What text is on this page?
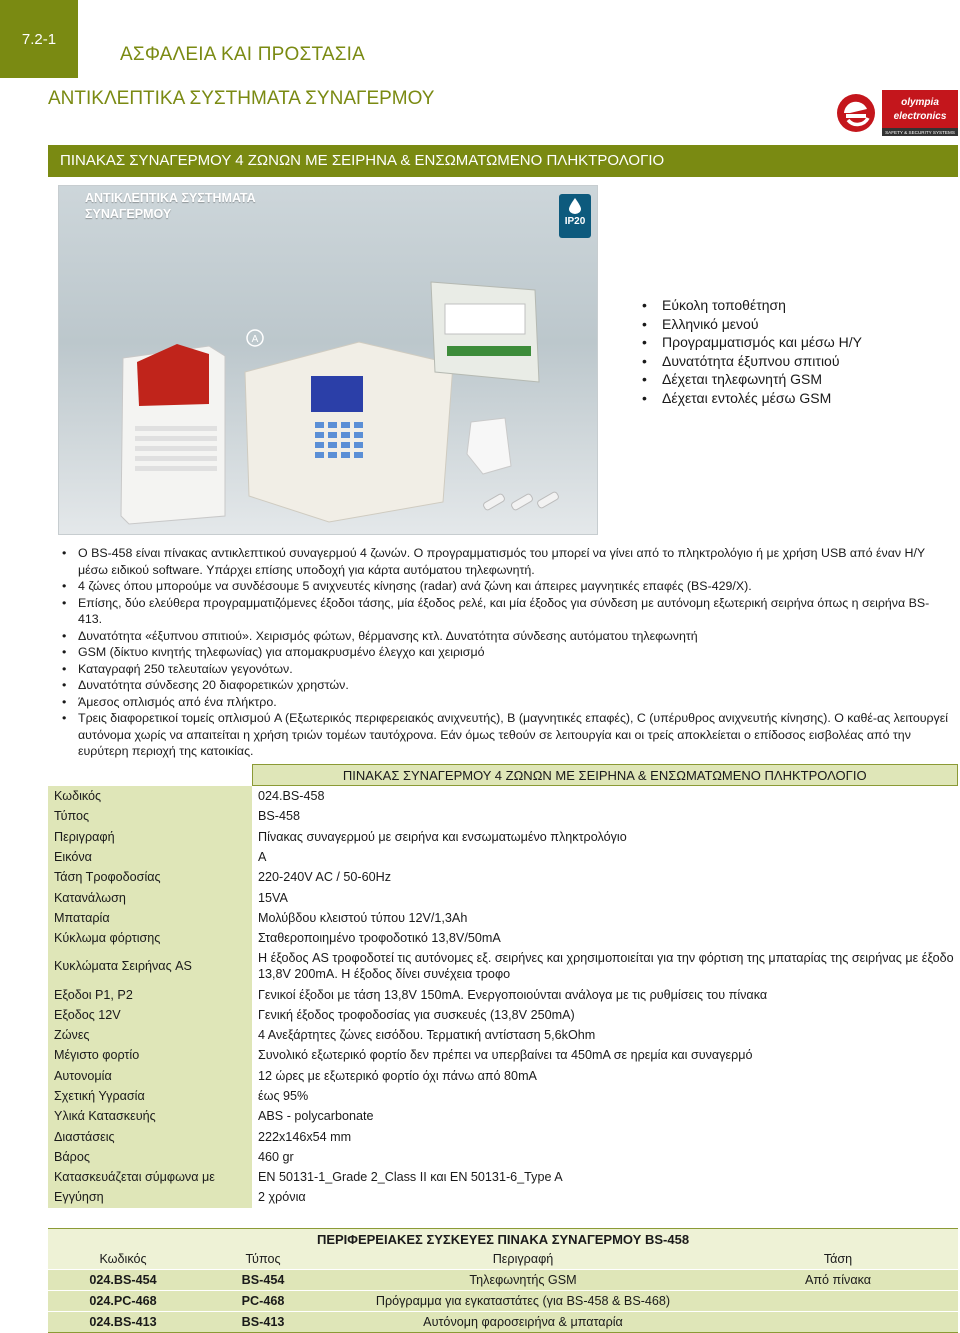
7.2-1
ΑΣΦΑΛΕΙΑ ΚΑΙ ΠΡΟΣΤΑΣΙΑ
ΑΝΤΙΚΛΕΠΤΙΚΑ ΣΥΣΤΗΜΑΤΑ ΣΥΝΑΓΕΡΜΟΥ	olympia
electronics
SAFETY & SECURITY SYSTEMS
ΠΙΝΑΚΑΣ ΣΥΝΑΓΕΡΜΟΥ 4 ΖΩΝΩΝ ΜΕ ΣΕΙΡΗΝΑ & ΕΝΣΩΜΑΤΩΜΕΝΟ ΠΛΗΚΤΡΟΛΟΓΙΟ
ΑΝΤΙΚΛΕΠΤΙΚΑ ΣΥΣΤΗΜΑΤΑ
ΣΥΝΑΓΕΡΜΟΥ
IP20
A
• Εύκολη τοποθέτηση
• Ελληνικό μενού
• Προγραμματισμός και μέσω Η/Υ
• Δυνατότητα έξυπνου σπιτιού
• Δέχεται τηλεφωνητή GSM
• Δέχεται εντολές μέσω GSM
• Ο BS-458 είναι πίνακας αντικλεπτικού συναγερμού 4 ζωνών. Ο προγραμματισμός του μπορεί να γίνει από το πληκτρολόγιο ή με χρήση USB από έναν Η/Υ μέσω ειδικού software. Υπάρχει επίσης υποδοχή για κάρτα αυτόματου τηλεφωνητή.
• 4 ζώνες όπου μπορούμε να συνδέσουμε 5 ανιχνευτές κίνησης (radar) ανά ζώνη και άπειρες μαγνητικές επαφές (BS-429/X).
• Επίσης, δύο ελεύθερα προγραμματιζόμενες έξοδοι τάσης, μία έξοδος ρελέ, και μία έξοδος για σύνδεση με αυτόνομη εξωτερική σειρήνα όπως η σειρήνα BS-413.
• Δυνατότητα «έξυπνου σπιτιού». Χειρισμός φώτων, θέρμανσης κτλ. Δυνατότητα σύνδεσης αυτόματου τηλεφωνητή
• GSM (δίκτυο κινητής τηλεφωνίας) για απομακρυσμένο έλεγχο και χειρισμό
• Καταγραφή 250 τελευταίων γεγονότων.
• Δυνατότητα σύνδεσης 20 διαφορετικών χρηστών.
• Άμεσος οπλισμός από ένα πλήκτρο.
• Τρεις διαφορετικοί τομείς οπλισμού A (Εξωτερικός περιφερειακός ανιχνευτής), B (μαγνητικές επαφές), C (υπέρυθρος ανιχνευτής κίνησης). Ο καθέ-ας λειτουργεί αυτόνομα χωρίς να απαιτείται η χρήση τριών τομέων ταυτόχρονα. Εάν όμως τεθούν σε λειτουργία και οι τρείς αποκλείεται ο επίδοσος εισβολέας από την ευρύτερη περιοχή της κατοικίας.
	ΠΙΝΑΚΑΣ ΣΥΝΑΓΕΡΜΟΥ 4 ΖΩΝΩΝ ΜΕ ΣΕΙΡΗΝΑ & ΕΝΣΩΜΑΤΩΜΕΝΟ ΠΛΗΚΤΡΟΛΟΓΙΟ
Κωδικός	024.BS-458
Τύπος	BS-458
Περιγραφή	Πίνακας συναγερμού με σειρήνα και ενσωματωμένο πληκτρολόγιο
Εικόνα	A
Τάση Τροφοδοσίας	220-240V AC / 50-60Hz
Κατανάλωση	15VA
Μπαταρία	Μολύβδου κλειστού τύπου 12V/1,3Ah
Κύκλωμα φόρτισης	Σταθεροποιημένο τροφοδοτικό 13,8V/50mA
Κυκλώματα Σειρήνας AS	Η έξοδος AS τροφοδοτεί τις αυτόνομες εξ. σειρήνες και χρησιμοποιείται για την φόρτιση της μπαταρίας της σειρήνας με έξοδο 13,8V 200mA. Η έξοδος δίνει συνέχεια τροφο
Εξοδοι P1, P2	Γενικοί έξοδοι με τάση 13,8V 150mA. Ενεργοποιούνται ανάλογα με τις ρυθμίσεις του πίνακα
Εξοδος 12V	Γενική έξοδος τροφοδοσίας για συσκευές (13,8V 250mA)
Ζώνες	4 Ανεξάρτητες ζώνες εισόδου. Τερματική αντίσταση 5,6kOhm
Μέγιστο φορτίο	Συνολικό εξωτερικό φορτίο δεν πρέπει να υπερβαίνει τα 450mA σε ηρεμία και συναγερμό
Αυτονομία	12 ώρες με εξωτερικό φορτίο όχι πάνω από 80mA
Σχετική Υγρασία	έως 95%
Υλικά Κατασκευής	ABS - polycarbonate
Διαστάσεις	222x146x54 mm
Βάρος	460 gr
Κατασκευάζεται σύμφωνα με	EN 50131-1_Grade 2_Class II και EN 50131-6_Type A
Εγγύηση	2 χρόνια
ΠΕΡΙΦΕΡΕΙΑΚΕΣ ΣΥΣΚΕΥΕΣ ΠΙΝΑΚΑ ΣΥΝΑΓΕΡΜΟΥ BS-458			
Κωδικός	Τύπος	Περιγραφή	Τάση
024.BS-454	BS-454	Τηλεφωνητής GSM	Από πίνακα
024.PC-468	PC-468	Πρόγραμμα για εγκαταστάτες (για BS-458 & BS-468)	
024.BS-413	BS-413	Αυτόνομη φαροσειρήνα & μπαταρία	
